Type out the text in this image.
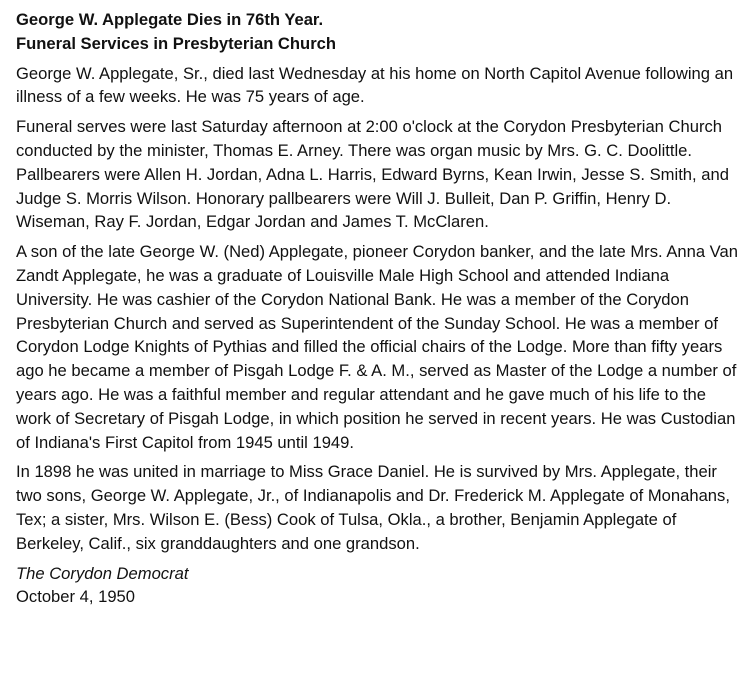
George W. Applegate Dies in 76th Year.
Funeral Services in Presbyterian Church

George W. Applegate, Sr., died last Wednesday at his home on North Capitol Avenue following an illness of a few weeks. He was 75 years of age.

Funeral serves were last Saturday afternoon at 2:00 o'clock at the Corydon Presbyterian Church conducted by the minister, Thomas E. Arney. There was organ music by Mrs. G. C. Doolittle. Pallbearers were Allen H. Jordan, Adna L. Harris, Edward Byrns, Kean Irwin, Jesse S. Smith, and Judge S. Morris Wilson. Honorary pallbearers were Will J. Bulleit, Dan P. Griffin, Henry D. Wiseman, Ray F. Jordan, Edgar Jordan and James T. McClaren.

A son of the late George W. (Ned) Applegate, pioneer Corydon banker, and the late Mrs. Anna Van Zandt Applegate, he was a graduate of Louisville Male High School and attended Indiana University. He was cashier of the Corydon National Bank. He was a member of the Corydon Presbyterian Church and served as Superintendent of the Sunday School. He was a member of Corydon Lodge Knights of Pythias and filled the official chairs of the Lodge. More than fifty years ago he became a member of Pisgah Lodge F. & A. M., served as Master of the Lodge a number of years ago. He was a faithful member and regular attendant and he gave much of his life to the work of Secretary of Pisgah Lodge, in which position he served in recent years. He was Custodian of Indiana's First Capitol from 1945 until 1949.

In 1898 he was united in marriage to Miss Grace Daniel. He is survived by Mrs. Applegate, their two sons, George W. Applegate, Jr., of Indianapolis and Dr. Frederick M. Applegate of Monahans, Tex; a sister, Mrs. Wilson E. (Bess) Cook of Tulsa, Okla., a brother, Benjamin Applegate of Berkeley, Calif., six granddaughters and one grandson.

The Corydon Democrat
October 4, 1950
